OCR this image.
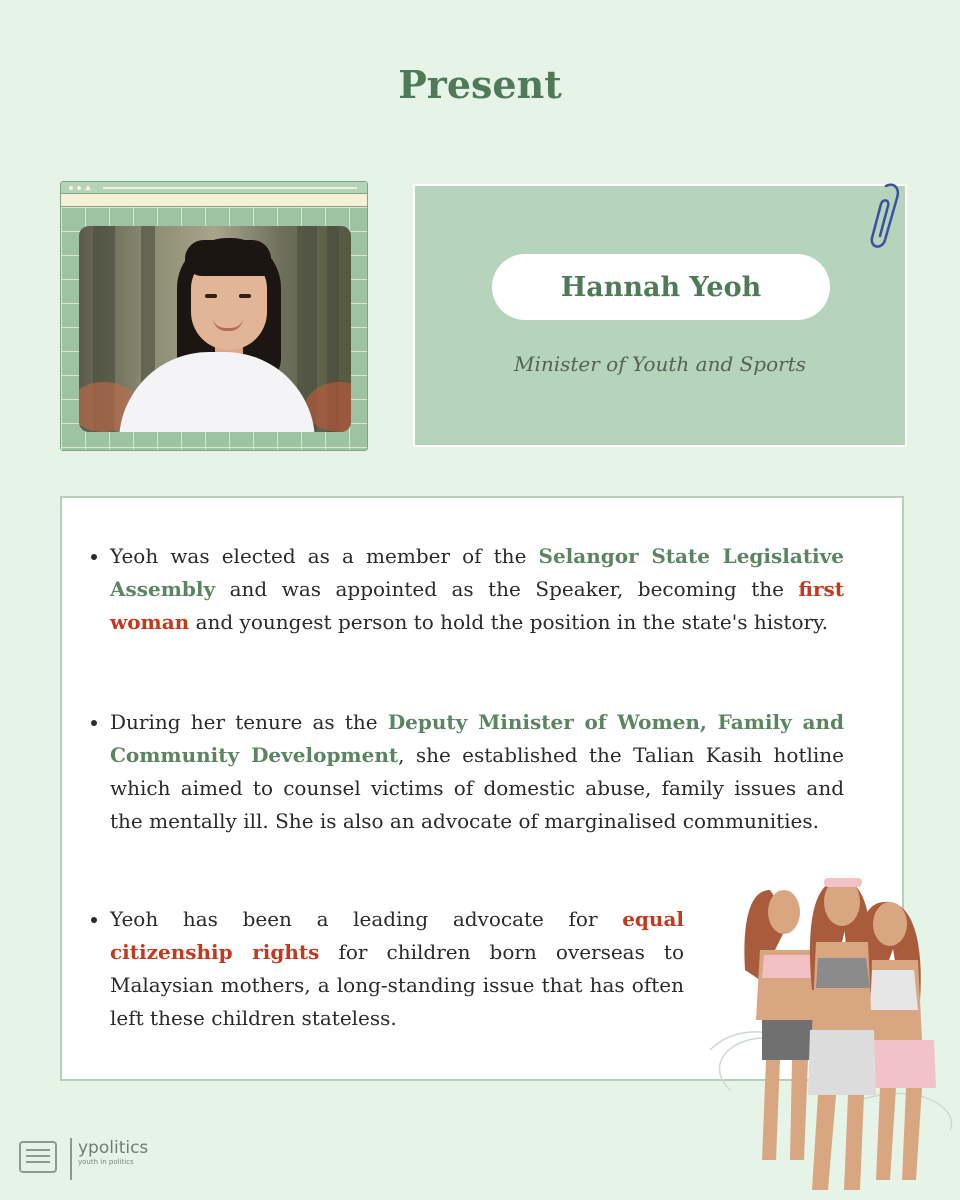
Present
Hannah Yeoh
Minister of Youth and Sports
Yeoh was elected as a member of the Selangor State Legislative Assembly and was appointed as the Speaker, becoming the first woman and youngest person to hold the position in the state's history.
During her tenure as the Deputy Minister of Women, Family and Community Development, she established the Talian Kasih hotline which aimed to counsel victims of domestic abuse, family issues and the mentally ill. She is also an advocate of marginalised communities.
Yeoh has been a leading advocate for equal citizenship rights for children born overseas to Malaysian mothers, a long-standing issue that has often left these children stateless.
ypolitics
youth in politics
